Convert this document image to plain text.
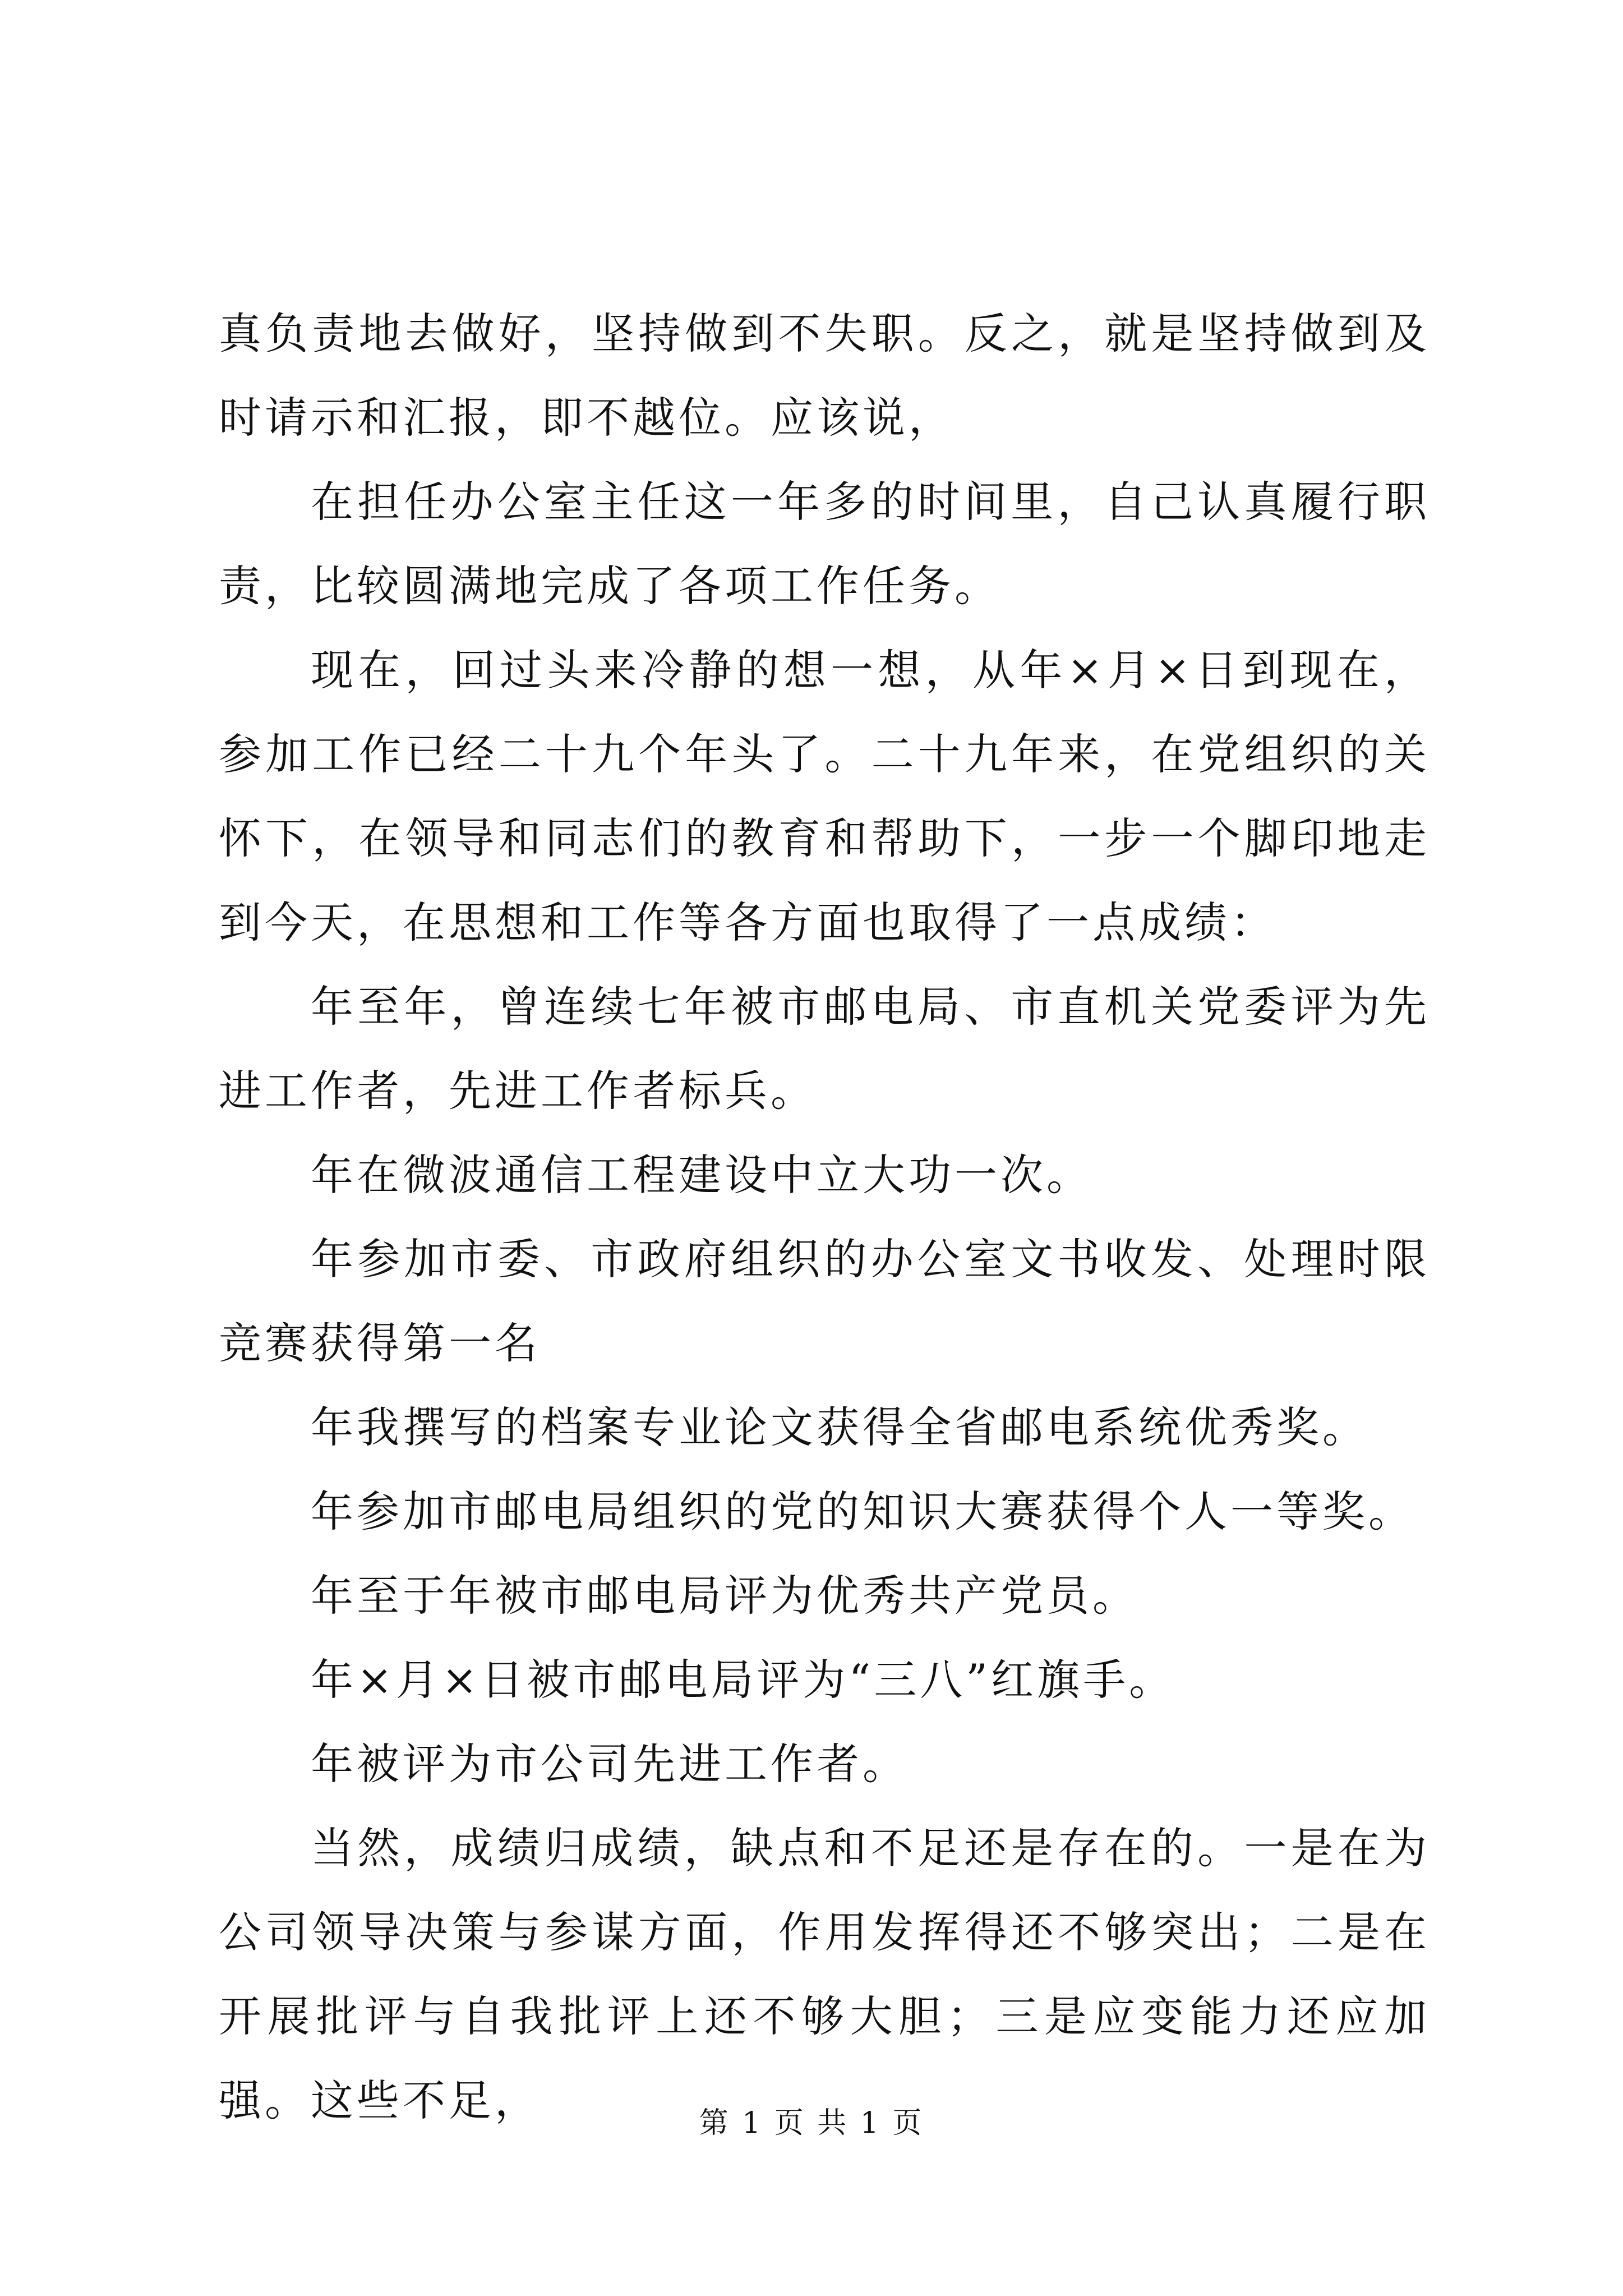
真负责地去做好，坚持做到不失职。反之，就是坚持做到及时请示和汇报，即不越位。应该说，

在担任办公室主任这一年多的时间里，自己认真履行职责，比较圆满地完成了各项工作任务。

现在，回过头来冷静的想一想，从年×月×日到现在，参加工作已经二十九个年头了。二十九年来，在党组织的关怀下，在领导和同志们的教育和帮助下，一步一个脚印地走到今天，在思想和工作等各方面也取得了一点成绩：

年至年，曾连续七年被市邮电局、市直机关党委评为先进工作者，先进工作者标兵。

年在微波通信工程建设中立大功一次。

年参加市委、市政府组织的办公室文书收发、处理时限竞赛获得第一名

年我撰写的档案专业论文获得全省邮电系统优秀奖。

年参加市邮电局组织的党的知识大赛获得个人一等奖。

年至于年被市邮电局评为优秀共产党员。

年×月×日被市邮电局评为“三八”红旗手。

年被评为市公司先进工作者。

当然，成绩归成绩，缺点和不足还是存在的。一是在为公司领导决策与参谋方面，作用发挥得还不够突出；二是在开展批评与自我批评上还不够大胆；三是应变能力还应加强。这些不足，	第 1 页 共 1 页
